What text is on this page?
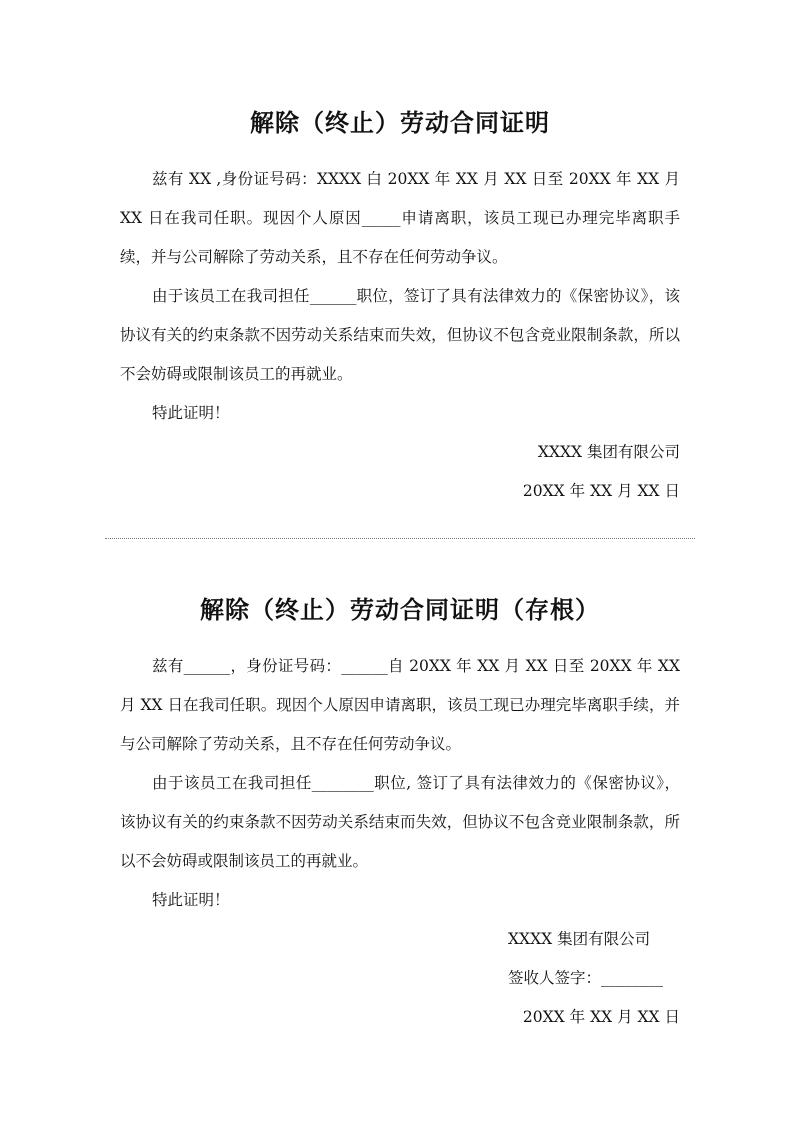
解除（终止）劳动合同证明

兹有 XX ,身份证号码：XXXX 白 20XX 年 XX 月 XX 日至 20XX 年 XX 月 XX 日在我司任职。现因个人原因_____申请离职，该员工现已办理完毕离职手续，并与公司解除了劳动关系，且不存在任何劳动争议。

由于该员工在我司担任______职位，签订了具有法律效力的《保密协议》，该协议有关的约束条款不因劳动关系结束而失效，但协议不包含竞业限制条款，所以不会妨碍或限制该员工的再就业。

特此证明！

XXXX 集团有限公司

20XX 年 XX 月 XX 日

解除（终止）劳动合同证明（存根）

兹有______，身份证号码：______自 20XX 年 XX 月 XX 日至 20XX 年 XX 月 XX 日在我司任职。现因个人原因申请离职，该员工现已办理完毕离职手续，并与公司解除了劳动关系，且不存在任何劳动争议。

由于该员工在我司担任________职位, 签订了具有法律效力的《保密协议》，该协议有关的约束条款不因劳动关系结束而失效，但协议不包含竞业限制条款，所以不会妨碍或限制该员工的再就业。

特此证明！

XXXX 集团有限公司

签收人签字：________

20XX 年 XX 月 XX 日
